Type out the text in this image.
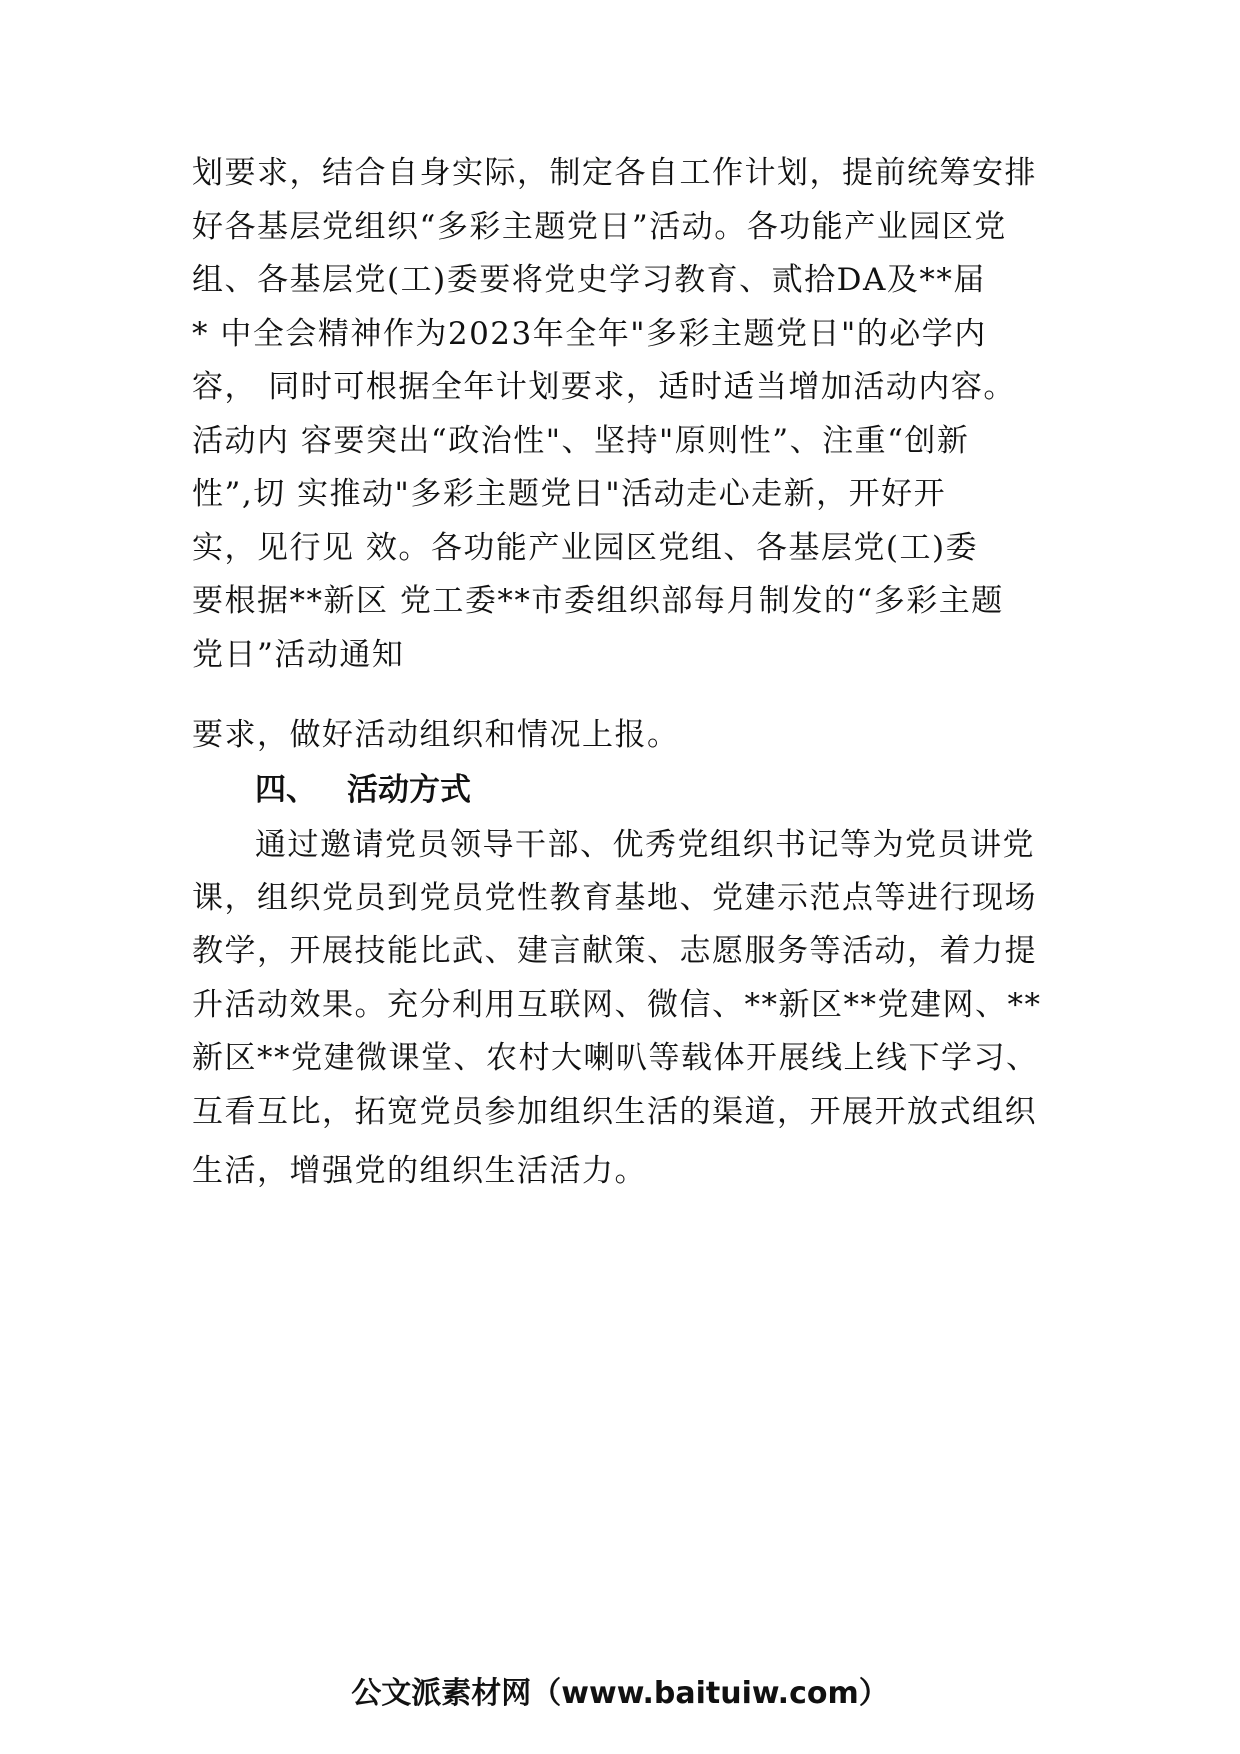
划要求，结合自身实际，制定各自工作计划，提前统筹安排
好各基层党组织“多彩主题党日”活动。各功能产业园区党
组、各基层党(工)委要将党史学习教育、贰拾DA及**届
* 中全会精神作为2023年全年"多彩主题党日"的必学内
容， 同时可根据全年计划要求，适时适当增加活动内容。
活动内 容要突出“政治性"、坚持"原则性”、注重“创新
性”,切 实推动"多彩主题党日"活动走心走新，开好开
实，见行见 效。各功能产业园区党组、各基层党(工)委
要根据**新区 党工委**市委组织部每月制发的“多彩主题
党日”活动通知
要求，做好活动组织和情况上报。
四、 活动方式
通过邀请党员领导干部、优秀党组织书记等为党员讲党
课，组织党员到党员党性教育基地、党建示范点等进行现场
教学，开展技能比武、建言献策、志愿服务等活动，着力提
升活动效果。充分利用互联网、微信、**新区**党建网、**
新区**党建微课堂、农村大喇叭等载体开展线上线下学习、
互看互比，拓宽党员参加组织生活的渠道，开展开放式组织
生活，增强党的组织生活活力。
公文派素材网（www.baituiw.com）
